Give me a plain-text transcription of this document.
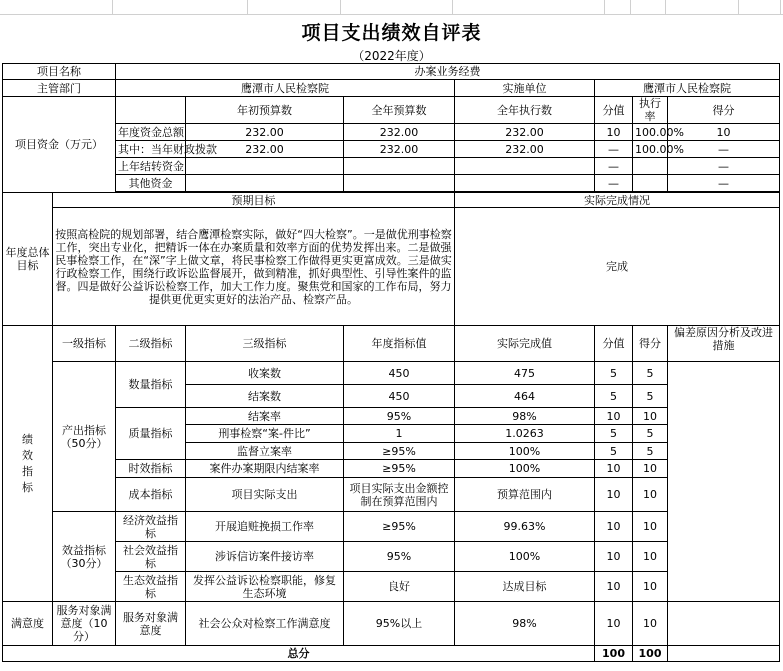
项目支出绩效自评表
（2022年度）
项目名称		办案业务经费						
主管部门		鹰潭市人民检察院			实施单位	鹰潭市人民检察院		
项目资金（万元）			年初预算数	全年预算数	全年执行数	分值	执行率	得分
		年度资金总额	232.00	232.00	232.00	10	100.00%	10
		其中：当年财政拨款	232.00	232.00	232.00	—	100.00%	—
		上年结转资金				—		—
		其他资金				—		—

年度总体目标	预期目标				实际完成情况			
	按照高检院的规划部署，结合鹰潭检察实际，做好“四大检察”。一是做优刑事检察工作，突出专业化，把精诉一体在办案质量和效率方面的优势发挥出来。二是做强民事检察工作，在“深”字上做文章，将民事检察工作做得更实更富成效。三是做实行政检察工作，围绕行政诉讼监督展开，做到精准，抓好典型性、引导性案件的监督。四是做好公益诉讼检察工作，加大工作力度。聚焦党和国家的工作布局，努力提供更优更实更好的法治产品、检察产品。				完成			
绩效指标	一级指标	二级指标	三级指标	年度指标值	实际完成值	分值	得分	偏差原因分析及改进措施
	产出指标（50分）	数量指标	收案数	450	475	5	5	
			结案数	450	464	5	5	
		质量指标	结案率	95%	98%	10	10	
			刑事检察“案-件比”	1	1.0263	5	5	
			监督立案率	≥95%	100%	5	5	
		时效指标	案件办案期限内结案率	≥95%	100%	10	10	
		成本指标	项目实际支出	项目实际支出金额控制在预算范围内	预算范围内	10	10	
	效益指标（30分）	经济效益指标	开展追赃挽损工作率	≥95%	99.63%	10	10	
		社会效益指标	涉诉信访案件接访率	95%	100%	10	10	
		生态效益指标	发挥公益诉讼检察职能，修复生态环境	良好	达成目标	10	10	
满意度	服务对象满意度（10分）	服务对象满意度	社会公众对检察工作满意度	95%以上	98%	10	10	
总分						100	100	
